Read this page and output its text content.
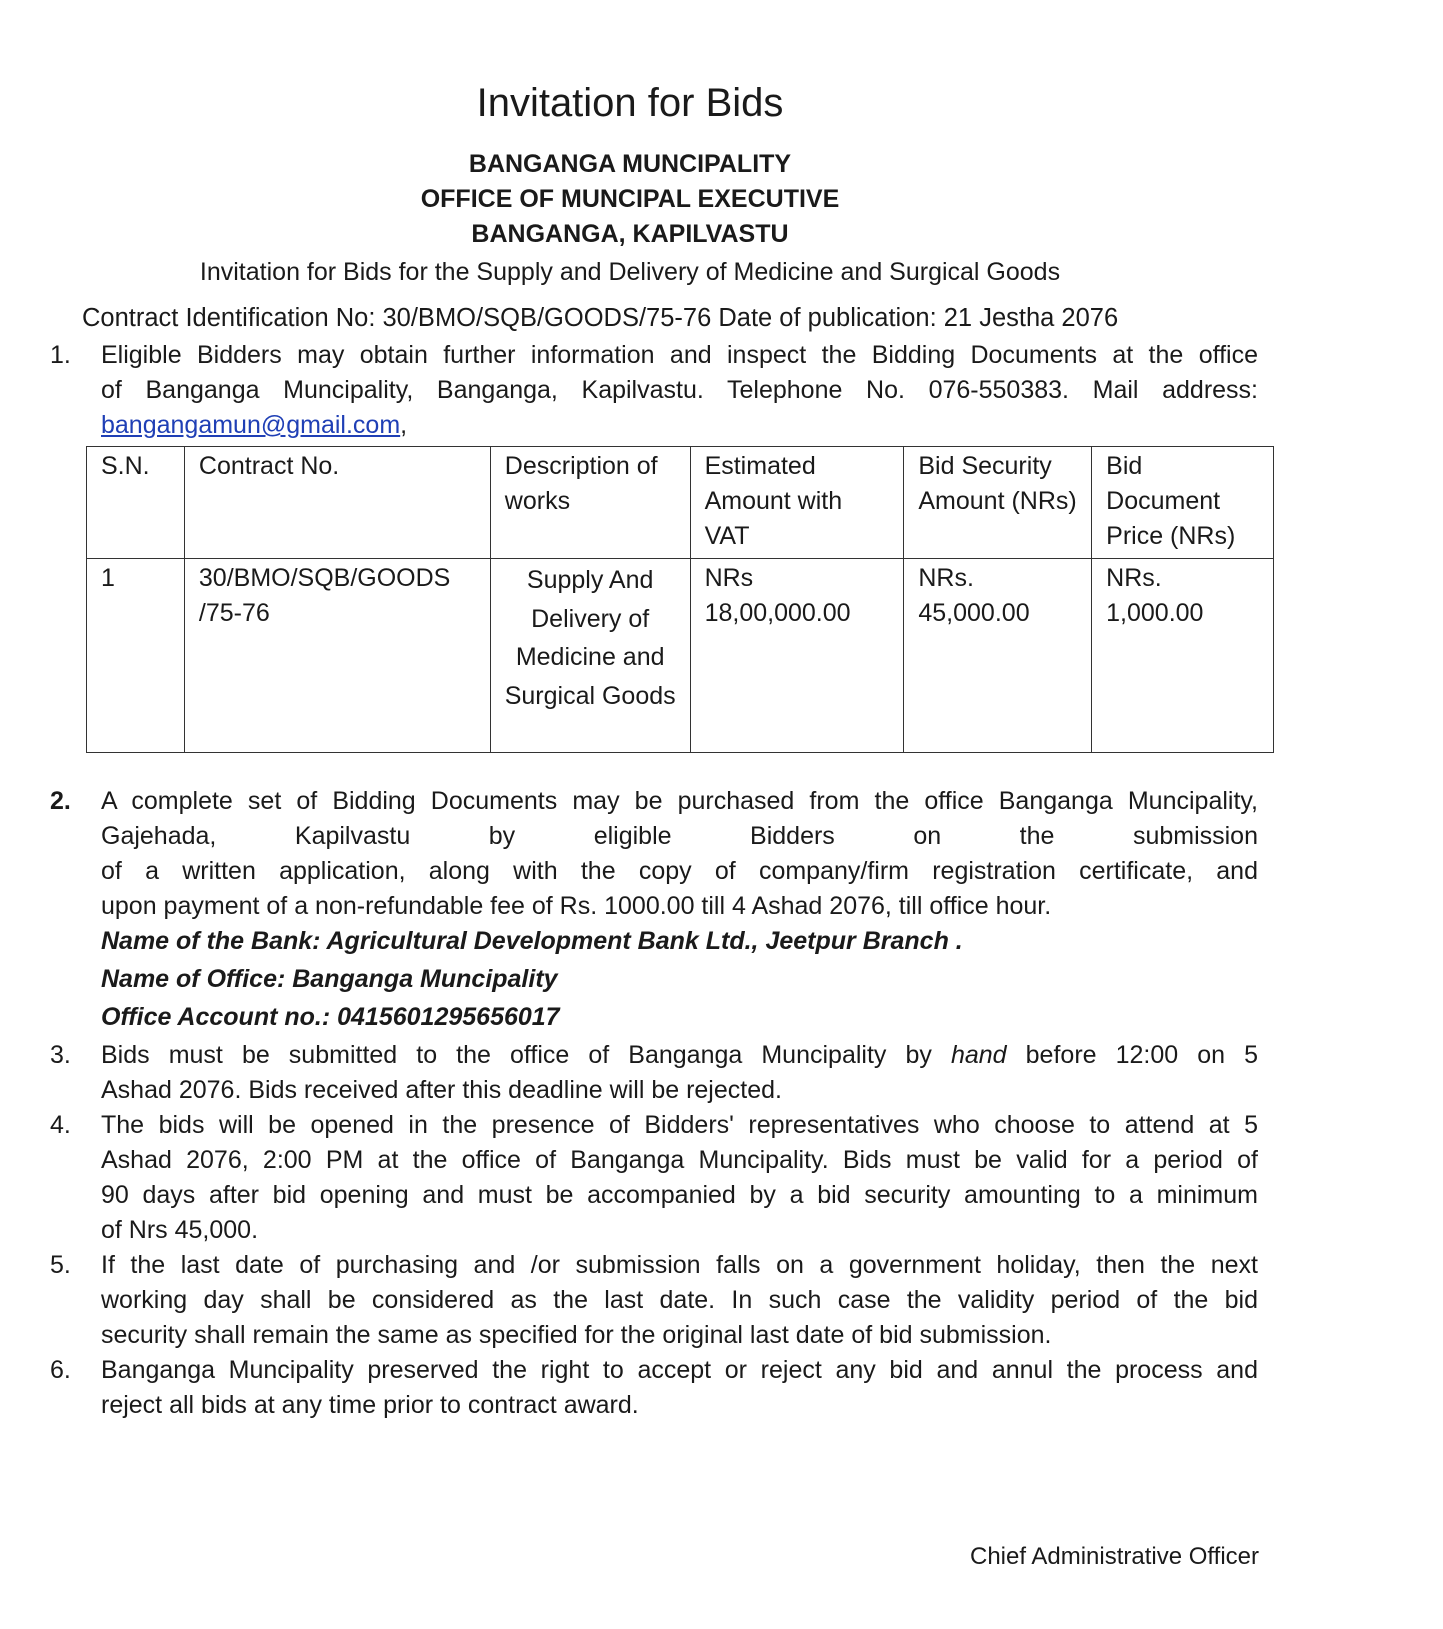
Invitation for Bids
BANGANGA MUNCIPALITY
OFFICE OF MUNCIPAL EXECUTIVE
BANGANGA, KAPILVASTU
Invitation for Bids for the Supply and Delivery of Medicine and Surgical Goods
Contract Identification No: 30/BMO/SQB/GOODS/75-76 Date of publication: 21 Jestha 2076
1. Eligible Bidders may obtain further information and inspect the Bidding Documents at the office
of Banganga Muncipality, Banganga, Kapilvastu. Telephone No. 076-550383. Mail address:
bangangamun@gmail.com,
S.N.	Contract No.	Description of works	Estimated Amount with VAT	Bid Security Amount (NRs)	Bid Document Price (NRs)
1	30/BMO/SQB/GOODS /75-76	Supply And Delivery of Medicine and Surgical Goods	NRs 18,00,000.00	NRs. 45,000.00	NRs. 1,000.00
2. A complete set of Bidding Documents may be purchased from the office Banganga Muncipality,
Gajehada, Kapilvastu by eligible Bidders on the submission
of a written application, along with the copy of company/firm registration certificate, and
upon payment of a non-refundable fee of Rs. 1000.00 till 4 Ashad 2076, till office hour.
Name of the Bank: Agricultural Development Bank Ltd., Jeetpur Branch .
Name of Office: Banganga Muncipality
Office Account no.: 0415601295656017
3. Bids must be submitted to the office of Banganga Muncipality by hand before 12:00 on 5
Ashad 2076. Bids received after this deadline will be rejected.
4. The bids will be opened in the presence of Bidders' representatives who choose to attend at 5
Ashad 2076, 2:00 PM at the office of Banganga Muncipality. Bids must be valid for a period of
90 days after bid opening and must be accompanied by a bid security amounting to a minimum
of Nrs 45,000.
5. If the last date of purchasing and /or submission falls on a government holiday, then the next
working day shall be considered as the last date. In such case the validity period of the bid
security shall remain the same as specified for the original last date of bid submission.
6. Banganga Muncipality preserved the right to accept or reject any bid and annul the process and
reject all bids at any time prior to contract award.
Chief Administrative Officer
